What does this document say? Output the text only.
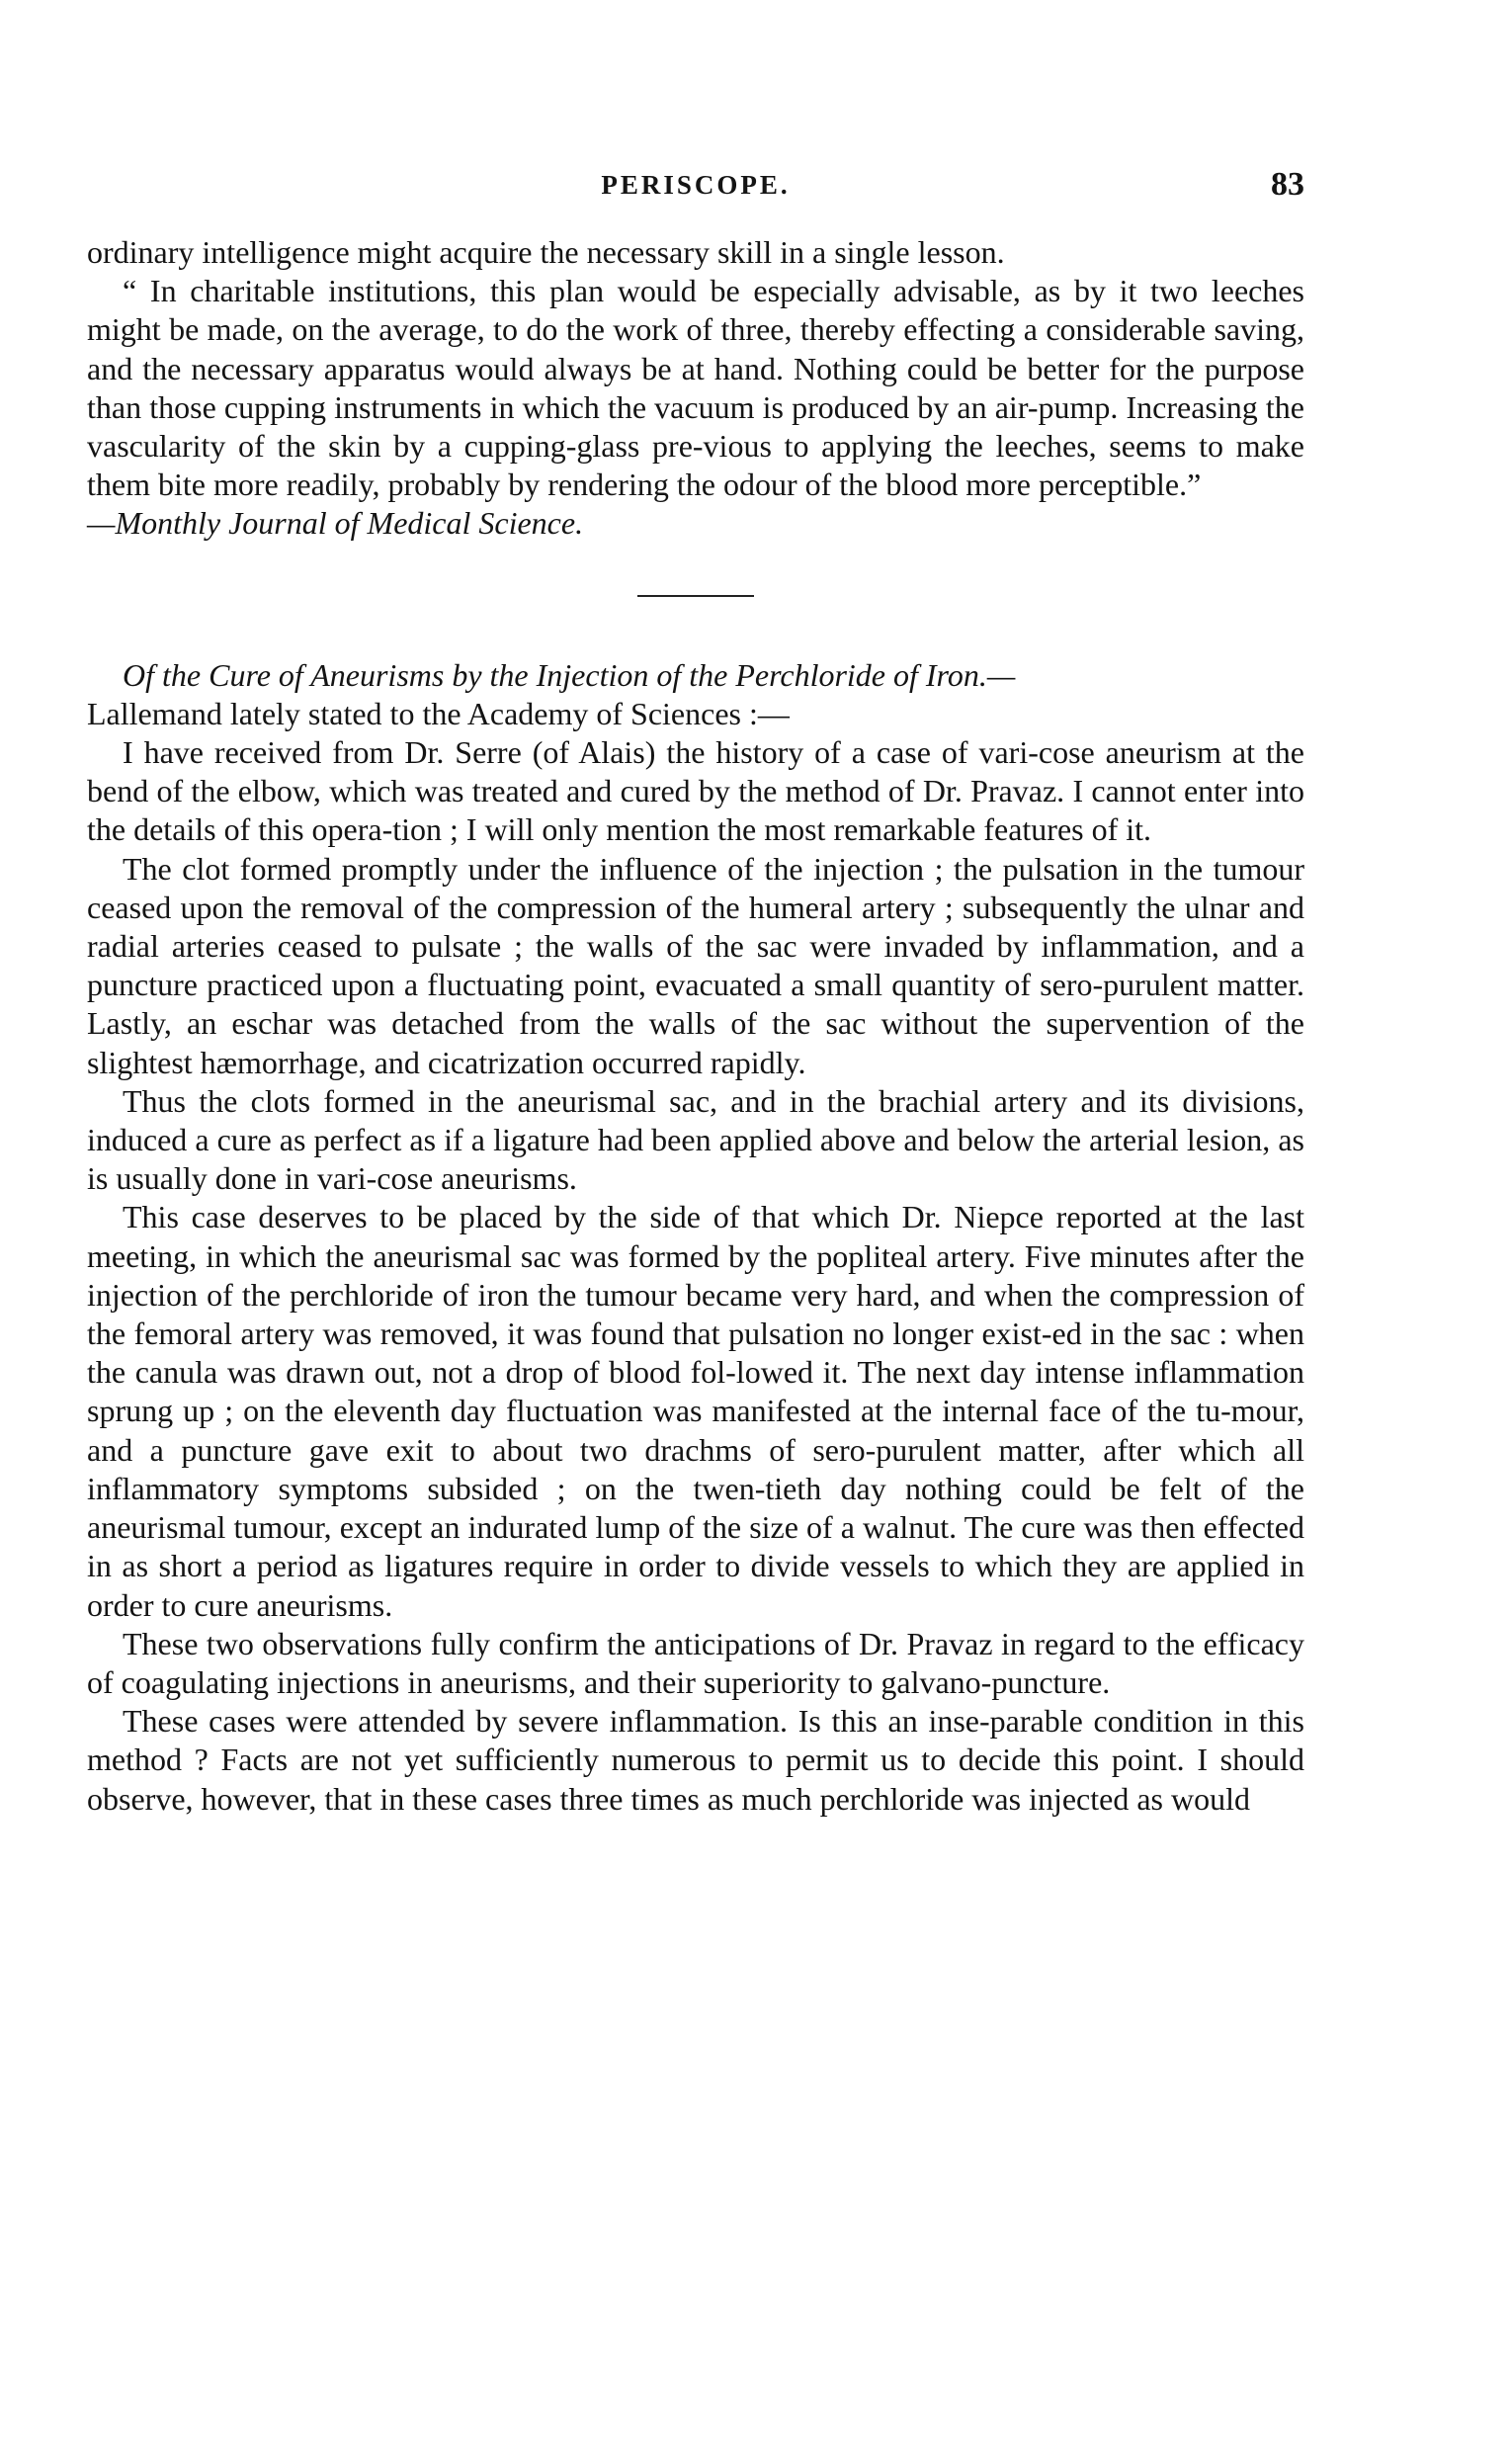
PERISCOPE.	83

ordinary intelligence might acquire the necessary skill in a single lesson.

“ In charitable institutions, this plan would be especially advisable, as by it two leeches might be made, on the average, to do the work of three, thereby effecting a considerable saving, and the necessary apparatus would always be at hand. Nothing could be better for the purpose than those cupping instruments in which the vacuum is produced by an air-pump. Increasing the vascularity of the skin by a cupping-glass pre-vious to applying the leeches, seems to make them bite more readily, probably by rendering the odour of the blood more perceptible.”

—Monthly Journal of Medical Science.

Of the Cure of Aneurisms by the Injection of the Perchloride of Iron.—

Lallemand lately stated to the Academy of Sciences :—

I have received from Dr. Serre (of Alais) the history of a case of vari-cose aneurism at the bend of the elbow, which was treated and cured by the method of Dr. Pravaz. I cannot enter into the details of this opera-tion ; I will only mention the most remarkable features of it.

The clot formed promptly under the influence of the injection ; the pulsation in the tumour ceased upon the removal of the compression of the humeral artery ; subsequently the ulnar and radial arteries ceased to pulsate ; the walls of the sac were invaded by inflammation, and a puncture practiced upon a fluctuating point, evacuated a small quantity of sero-purulent matter. Lastly, an eschar was detached from the walls of the sac without the supervention of the slightest hæmorrhage, and cicatrization occurred rapidly.

Thus the clots formed in the aneurismal sac, and in the brachial artery and its divisions, induced a cure as perfect as if a ligature had been applied above and below the arterial lesion, as is usually done in vari-cose aneurisms.

This case deserves to be placed by the side of that which Dr. Niepce reported at the last meeting, in which the aneurismal sac was formed by the popliteal artery. Five minutes after the injection of the perchloride of iron the tumour became very hard, and when the compression of the femoral artery was removed, it was found that pulsation no longer exist-ed in the sac : when the canula was drawn out, not a drop of blood fol-lowed it. The next day intense inflammation sprung up ; on the eleventh day fluctuation was manifested at the internal face of the tu-mour, and a puncture gave exit to about two drachms of sero-purulent matter, after which all inflammatory symptoms subsided ; on the twen-tieth day nothing could be felt of the aneurismal tumour, except an indurated lump of the size of a walnut. The cure was then effected in as short a period as ligatures require in order to divide vessels to which they are applied in order to cure aneurisms.

These two observations fully confirm the anticipations of Dr. Pravaz in regard to the efficacy of coagulating injections in aneurisms, and their superiority to galvano-puncture.

These cases were attended by severe inflammation. Is this an inse-parable condition in this method ? Facts are not yet sufficiently numerous to permit us to decide this point. I should observe, however, that in these cases three times as much perchloride was injected as would
